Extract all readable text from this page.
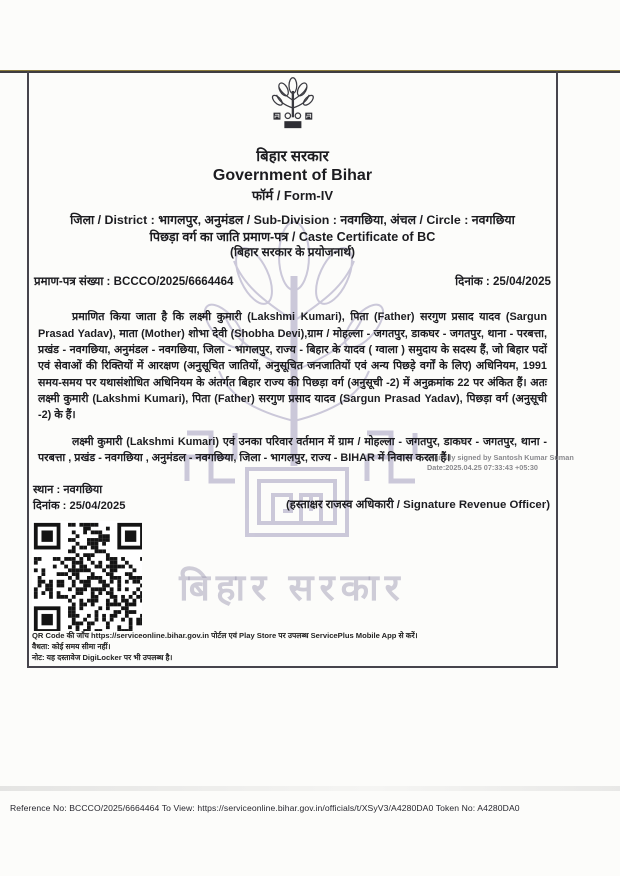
बिहार सरकार
बिहार सरकार
Government of Bihar
फॉर्म / Form-IV
जिला / District : भागलपुर, अनुमंडल / Sub-Division : नवगछिया, अंचल / Circle : नवगछिया
पिछड़ा वर्ग का जाति प्रमाण-पत्र / Caste Certificate of BC
(बिहार सरकार के प्रयोजनार्थ)
प्रमाण-पत्र संख्या : BCCCO/2025/6664464	दिनांक : 25/04/2025
प्रमाणित किया जाता है कि लक्ष्मी कुमारी (Lakshmi Kumari), पिता (Father) सरगुण प्रसाद यादव (Sargun Prasad Yadav), माता (Mother) शोभा देवी (Shobha Devi),ग्राम / मोहल्ला - जगतपुर, डाकघर - जगतपुर, थाना - परबत्ता, प्रखंड - नवगछिया, अनुमंडल - नवगछिया, जिला - भागलपुर, राज्य - बिहार के यादव ( ग्वाला ) समुदाय के सदस्य हैं, जो बिहार पदों एवं सेवाओं की रिक्तियों में आरक्षण (अनुसूचित जातियों, अनुसूचित जनजातियों एवं अन्य पिछड़े वर्गों के लिए) अधिनियम, 1991 समय-समय पर यथासंशोधित अधिनियम के अंतर्गत बिहार राज्य की पिछड़ा वर्ग (अनुसूची -2) में अनुक्रमांक 22 पर अंकित हैं। अतः लक्ष्मी कुमारी (Lakshmi Kumari), पिता (Father) सरगुण प्रसाद यादव (Sargun Prasad Yadav), पिछड़ा वर्ग (अनुसूची -2) के हैं।
लक्ष्मी कुमारी (Lakshmi Kumari) एवं उनका परिवार वर्तमान में ग्राम / मोहल्ला - जगतपुर, डाकघर - जगतपुर, थाना - परबत्ता , प्रखंड - नवगछिया , अनुमंडल - नवगछिया, जिला - भागलपुर, राज्य - BIHAR में निवास करता हैं।
Digitally signed by Santosh Kumar Suman
Date:2025.04.25 07:33:43 +05:30
स्थान : नवगछिया
दिनांक : 25/04/2025	(हस्ताक्षर राजस्व अधिकारी / Signature Revenue Officer)
QR Code की जाँच https://serviceonline.bihar.gov.in पोर्टल एवं Play Store पर उपलब्ध ServicePlus Mobile App से करें।
वैधता: कोई समय सीमा नहीं।
नोट: यह दस्तावेज DigiLocker पर भी उपलब्ध है।
Reference No: BCCCO/2025/6664464 To View: https://serviceonline.bihar.gov.in/officials/t/XSyV3/A4280DA0 Token No: A4280DA0
